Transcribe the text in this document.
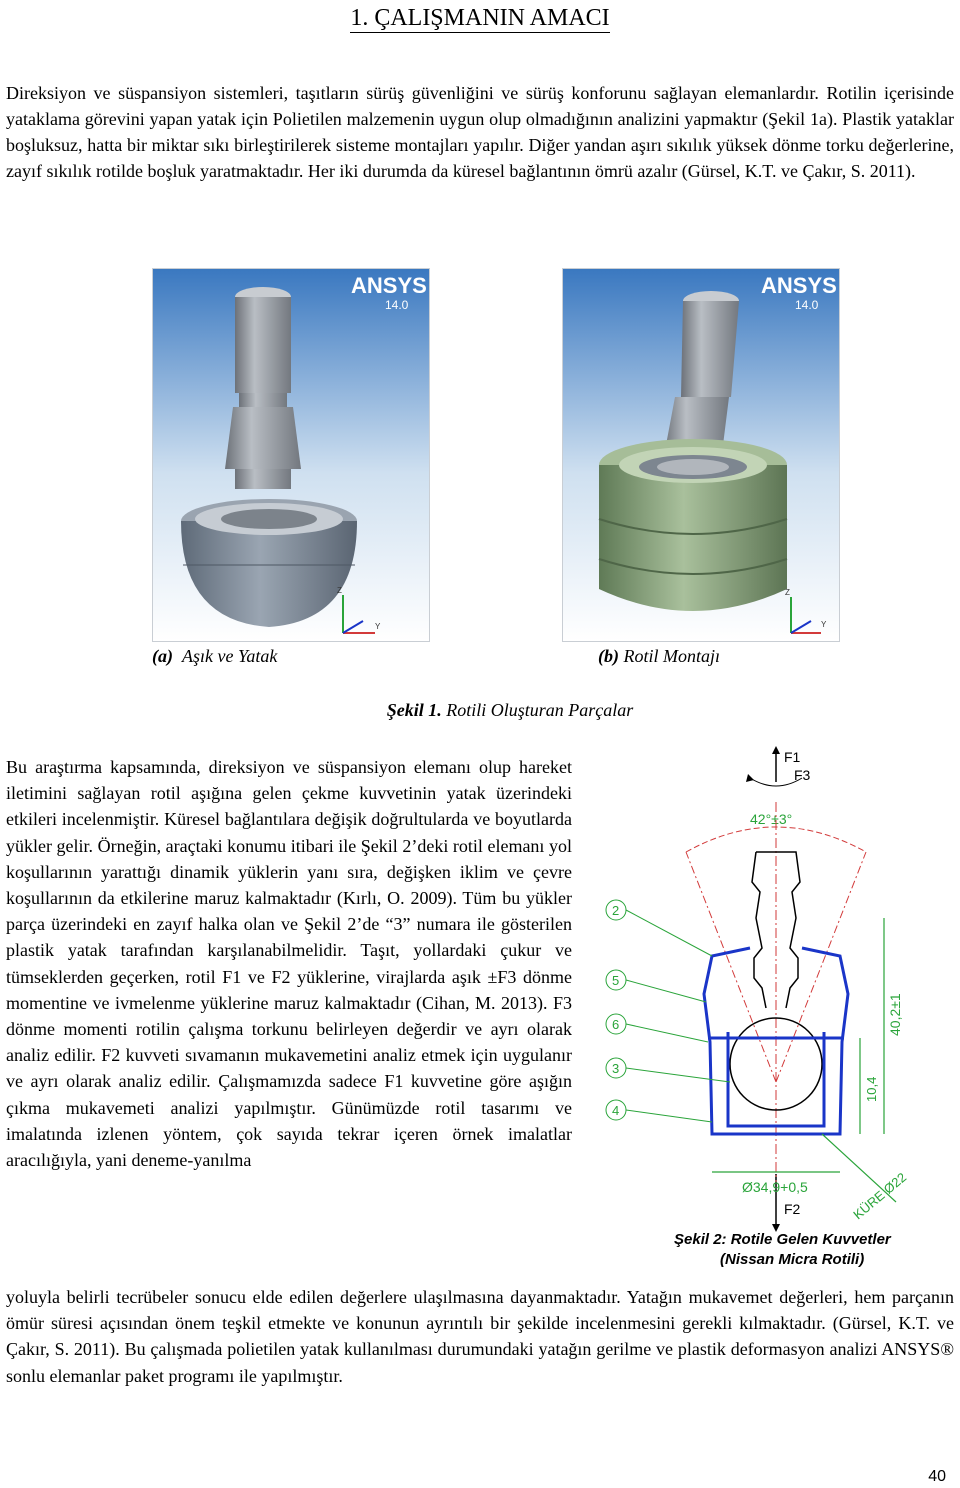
1. ÇALIŞMANIN AMACI
Direksiyon ve süspansiyon sistemleri, taşıtların sürüş güvenliğini ve sürüş konforunu sağlayan elemanlardır. Rotilin içerisinde yataklama görevini yapan yatak için Polietilen malzemenin uygun olup olmadığının analizini yapmaktır (Şekil 1a). Plastik yataklar boşluksuz, hatta bir miktar sıkı birleştirilerek sisteme montajları yapılır. Diğer yandan aşırı sıkılık yüksek dönme torku değerlerine, zayıf sıkılık rotilde boşluk yaratmaktadır. Her iki durumda da küresel bağlantının ömrü azalır (Gürsel, K.T. ve Çakır, S. 2011).
ANSYS
14.0
Z
Y
ANSYS
14.0
Z
Y
(a) Aşık ve Yatak	(b) Rotil Montajı
Şekil 1. Rotili Oluşturan Parçalar
Bu araştırma kapsamında, direksiyon ve süspansiyon elemanı olup hareket iletimini sağlayan rotil aşığına gelen çekme kuvvetinin yatak üzerindeki etkileri incelenmiştir. Küresel bağlantılara değişik doğrultularda ve boyutlarda yükler gelir. Örneğin, araçtaki konumu itibari ile Şekil 2’deki rotil elemanı yol koşullarının yarattığı dinamik yüklerin yanı sıra, değişken iklim ve çevre koşullarının da etkilerine maruz kalmaktadır (Kırlı, O. 2009). Tüm bu yükler parça üzerindeki en zayıf halka olan ve Şekil 2’de “3” numara ile gösterilen plastik yatak tarafından karşılanabilmelidir. Taşıt, yollardaki çukur ve tümseklerden geçerken, rotil F1 ve F2 yüklerine, virajlarda aşık ±F3 dönme momentine ve ivmelenme yüklerine maruz kalmaktadır (Cihan, M. 2013). F3 dönme momenti rotilin çalışma torkunu belirleyen değerdir ve ayrı olarak analiz edilir. F2 kuvveti sıvamanın mukavemetini analiz etmek için uygulanır ve ayrı olarak analiz edilir. Çalışmamızda sadece F1 kuvvetine göre aşığın çıkma mukavemeti analizi yapılmıştır. Günümüzde rotil tasarımı ve imalatında izlenen yöntem, çok sayıda tekrar içeren örnek imalatlar aracılığıyla, yani deneme-yanılma
F1
F3
F2
42°±3°
40,2±1
10,4
Ø34,9+0,5	KÜRE Ø22
2
5
6
3
4
Şekil 2: Rotile Gelen Kuvvetler
(Nissan Micra Rotili)
yoluyla belirli tecrübeler sonucu elde edilen değerlere ulaşılmasına dayanmaktadır. Yatağın mukavemet değerleri, hem parçanın ömür süresi açısından önem teşkil etmekte ve konunun ayrıntılı bir şekilde incelenmesini gerekli kılmaktadır. (Gürsel, K.T. ve Çakır, S. 2011). Bu çalışmada polietilen yatak kullanılması durumundaki yatağın gerilme ve plastik deformasyon analizi ANSYS® sonlu elemanlar paket programı ile yapılmıştır.
40
